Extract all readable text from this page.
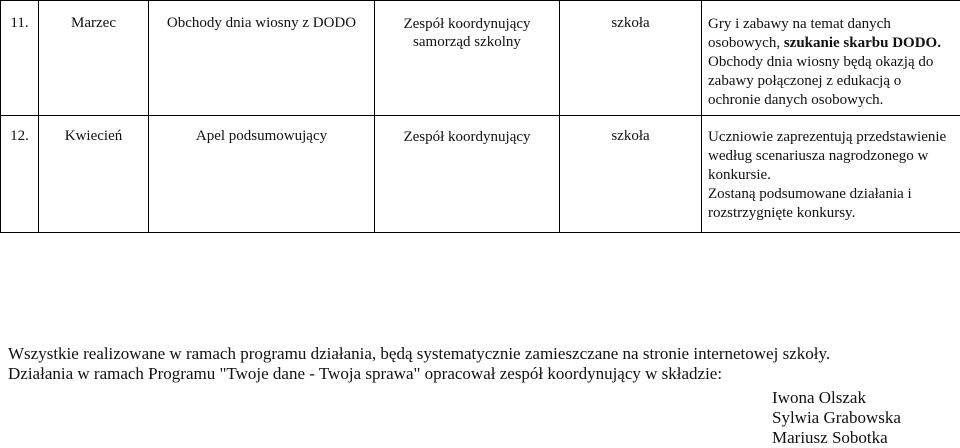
11.	Marzec	Obchody dnia wiosny z DODO	Zespół koordynujący
samorząd szkolny	szkoła	Gry i zabawy na temat danych osobowych, szukanie skarbu DODO. Obchody dnia wiosny będą okazją do zabawy połączonej z edukacją o ochronie danych osobowych.

12.	Kwiecień	Apel podsumowujący	Zespół koordynujący	szkoła	Uczniowie zaprezentują przedstawienie według scenariusza nagrodzonego w konkursie.
Zostaną podsumowane działania i rozstrzygnięte konkursy.
Wszystkie realizowane w ramach programu działania, będą systematycznie zamieszczane na stronie internetowej szkoły.
Działania w ramach Programu "Twoje dane - Twoja sprawa" opracował zespół koordynujący w składzie:
Iwona Olszak
Sylwia Grabowska
Mariusz Sobotka
